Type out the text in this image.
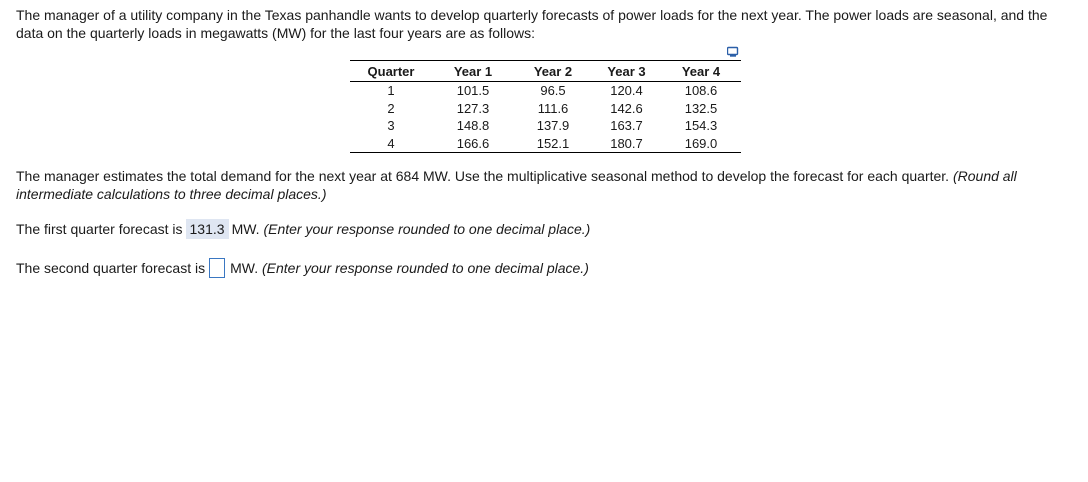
The manager of a utility company in the Texas panhandle wants to develop quarterly forecasts of power loads for the next year. The power loads are seasonal, and the data on the quarterly loads in megawatts (MW) for the last four years are as follows:
Quarter	Year 1	Year 2	Year 3	Year 4
1	101.5	96.5	120.4	108.6
2	127.3	111.6	142.6	132.5
3	148.8	137.9	163.7	154.3
4	166.6	152.1	180.7	169.0
The manager estimates the total demand for the next year at 684 MW. Use the multiplicative seasonal method to develop the forecast for each quarter. (Round all intermediate calculations to three decimal places.)
The first quarter forecast is 131.3 MW. (Enter your response rounded to one decimal place.)
The second quarter forecast is MW.
(Enter your response rounded to one decimal place.)
